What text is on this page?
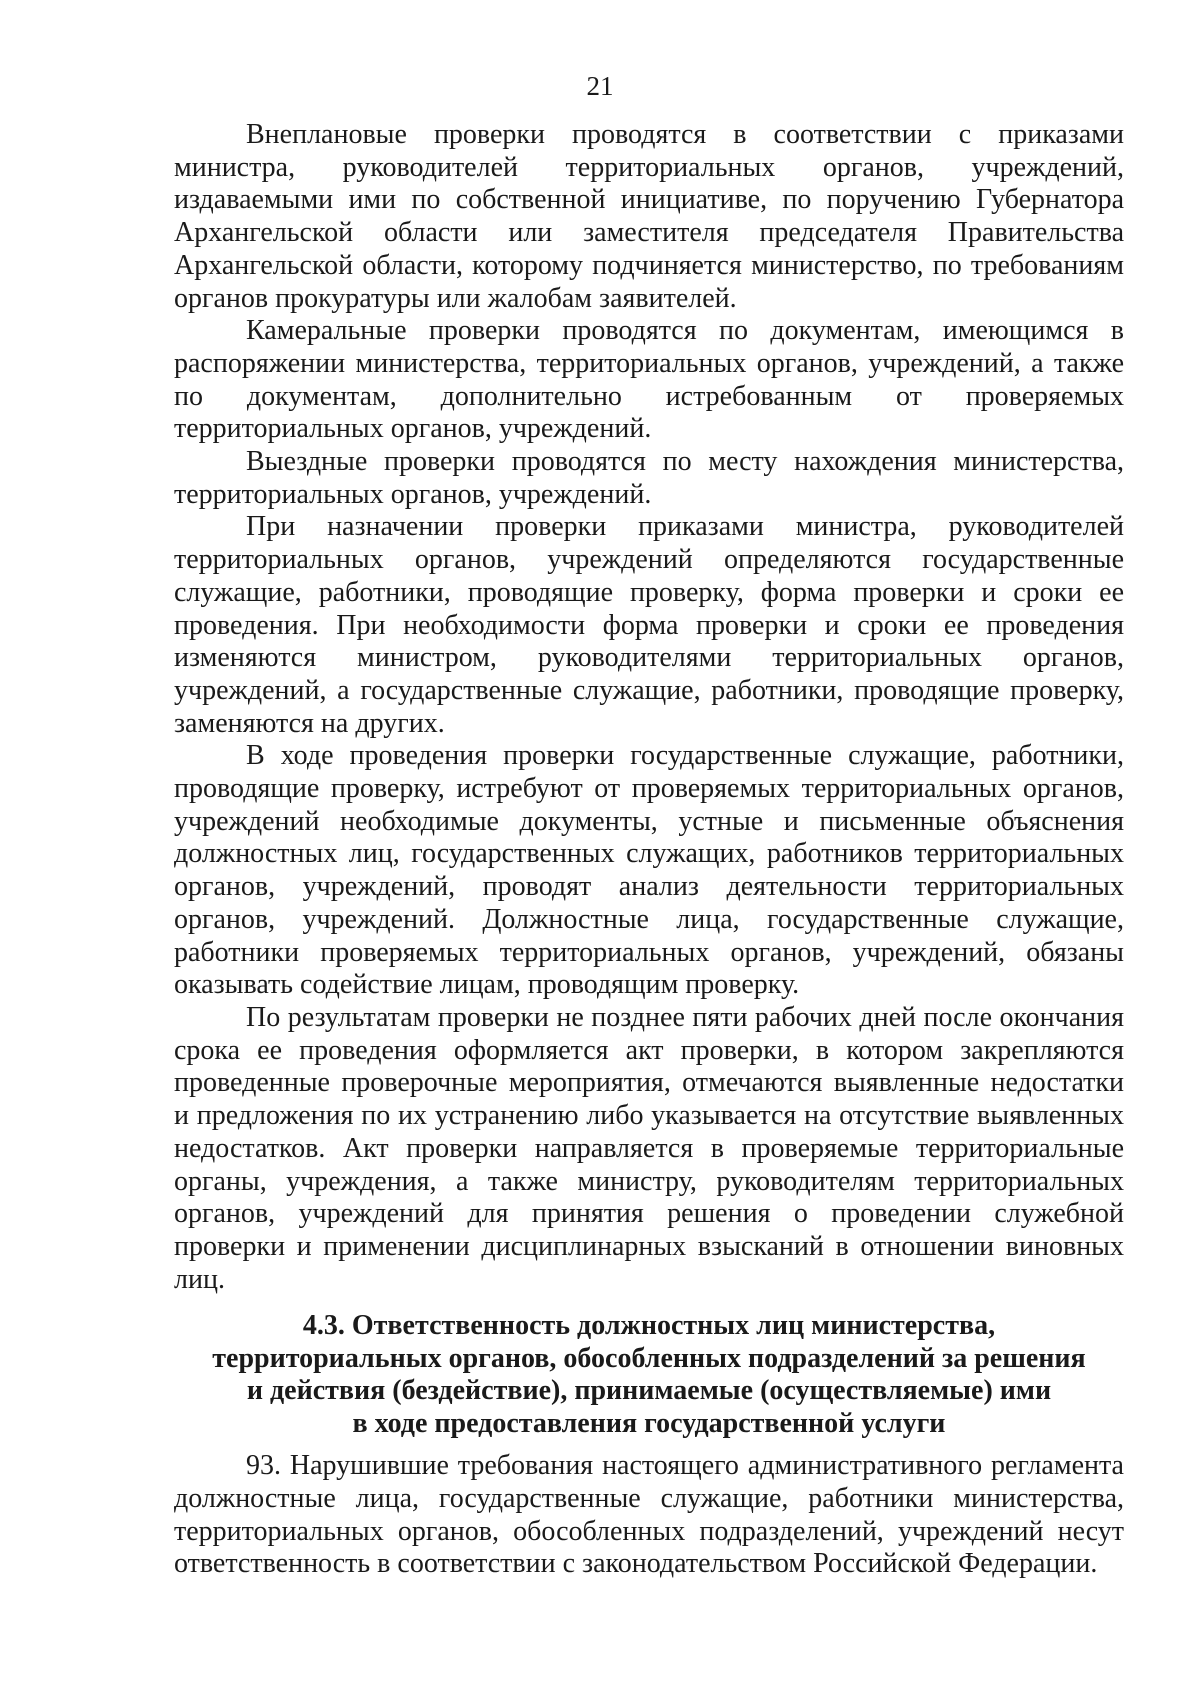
21

Внеплановые проверки проводятся в соответствии с приказами министра, руководителей территориальных органов, учреждений, издаваемыми ими по собственной инициативе, по поручению Губернатора Архангельской области или заместителя председателя Правительства Архангельской области, которому подчиняется министерство, по требованиям органов прокуратуры или жалобам заявителей.

Камеральные проверки проводятся по документам, имеющимся в распоряжении министерства, территориальных органов, учреждений, а также по документам, дополнительно истребованным от проверяемых территориальных органов, учреждений.

Выездные проверки проводятся по месту нахождения министерства, территориальных органов, учреждений.

При назначении проверки приказами министра, руководителей территориальных органов, учреждений определяются государственные служащие, работники, проводящие проверку, форма проверки и сроки ее проведения. При необходимости форма проверки и сроки ее проведения изменяются министром, руководителями территориальных органов, учреждений, а государственные служащие, работники, проводящие проверку, заменяются на других.

В ходе проведения проверки государственные служащие, работники, проводящие проверку, истребуют от проверяемых территориальных органов, учреждений необходимые документы, устные и письменные объяснения должностных лиц, государственных служащих, работников территориальных органов, учреждений, проводят анализ деятельности территориальных органов, учреждений. Должностные лица, государственные служащие, работники проверяемых территориальных органов, учреждений, обязаны оказывать содействие лицам, проводящим проверку.

По результатам проверки не позднее пяти рабочих дней после окончания срока ее проведения оформляется акт проверки, в котором закрепляются проведенные проверочные мероприятия, отмечаются выявленные недостатки и предложения по их устранению либо указывается на отсутствие выявленных недостатков. Акт проверки направляется в проверяемые территориальные органы, учреждения, а также министру, руководителям территориальных органов, учреждений для принятия решения о проведении служебной проверки и применении дисциплинарных взысканий в отношении виновных лиц.

4.3. Ответственность должностных лиц министерства,
территориальных органов, обособленных подразделений за решения
и действия (бездействие), принимаемые (осуществляемые) ими
в ходе предоставления государственной услуги

93. Нарушившие требования настоящего административного регламента должностные лица, государственные служащие, работники министерства, территориальных органов, обособленных подразделений, учреждений несут ответственность в соответствии с законодательством Российской Федерации.
